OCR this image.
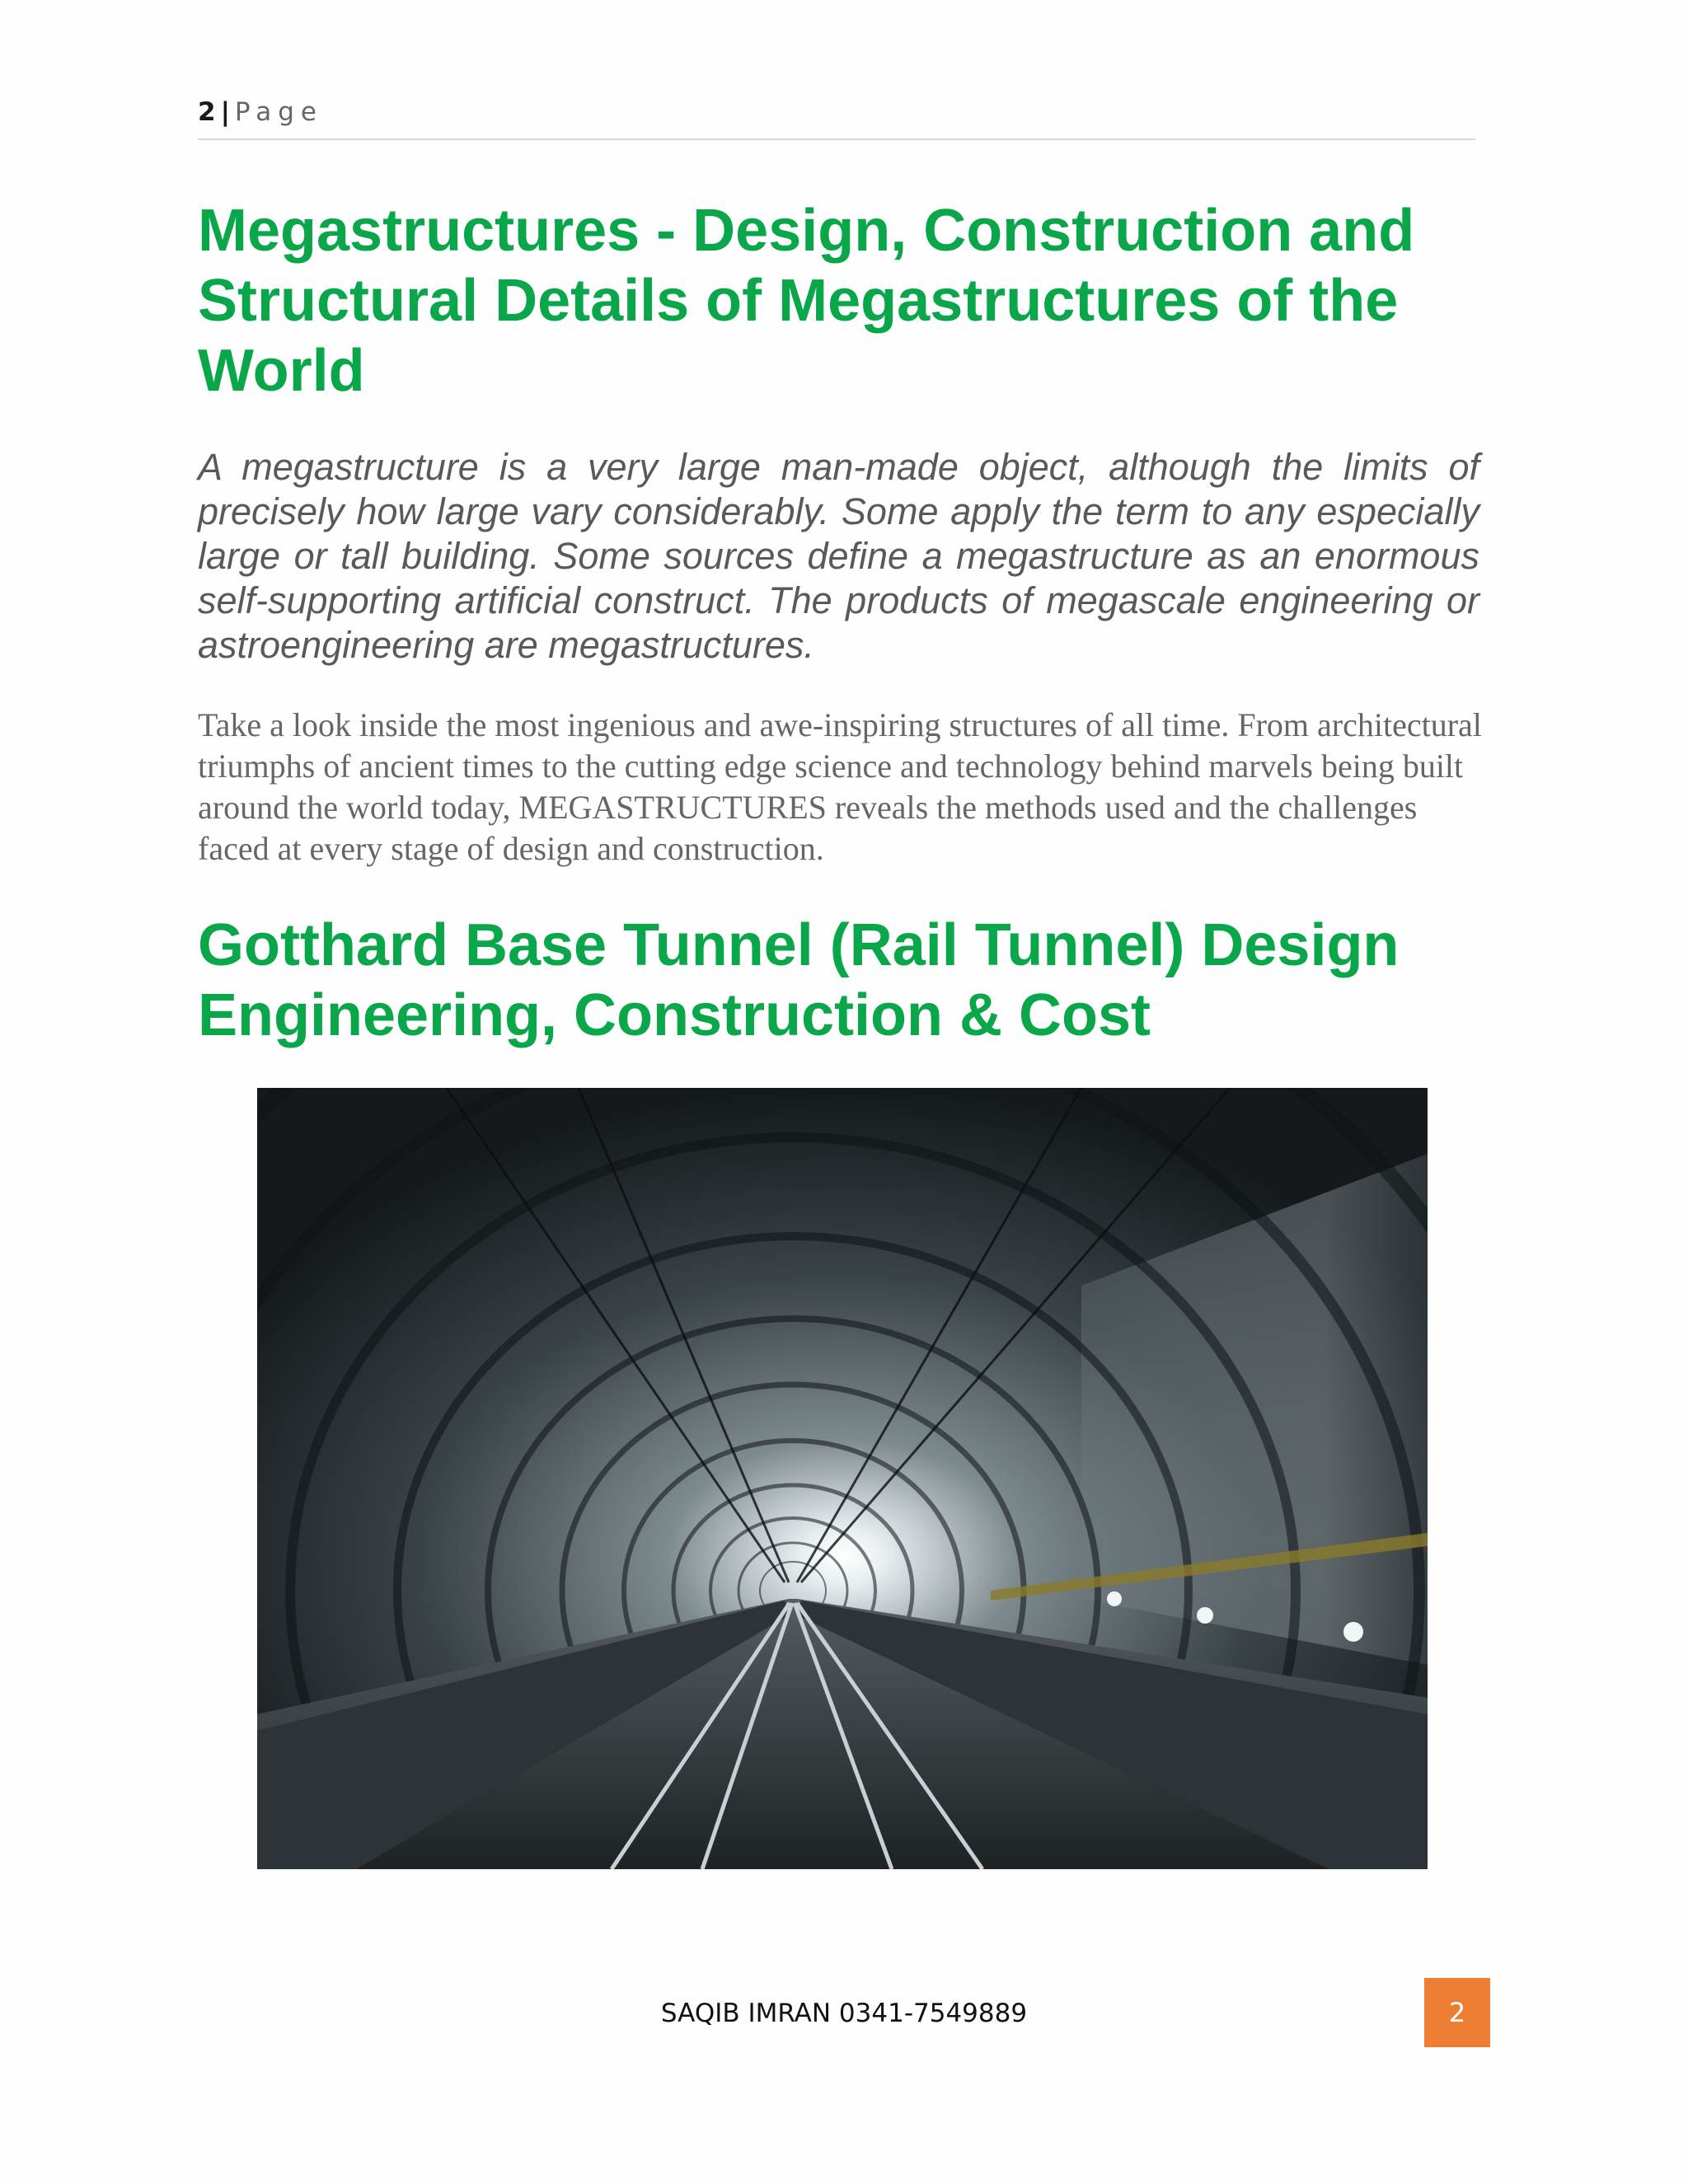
2 | Page
Megastructures - Design, Construction and Structural Details of Megastructures of the World

A megastructure is a very large man-made object, although the limits of precisely how large vary considerably. Some apply the term to any especially large or tall building. Some sources define a megastructure as an enormous self-supporting artificial construct. The products of megascale engineering or astroengineering are megastructures.

Take a look inside the most ingenious and awe-inspiring structures of all time. From architectural triumphs of ancient times to the cutting edge science and technology behind marvels being built around the world today, MEGASTRUCTURES reveals the methods used and the challenges faced at every stage of design and construction.

Gotthard Base Tunnel (Rail Tunnel) Design Engineering, Construction & Cost
SAQIB IMRAN 0341-7549889	2
